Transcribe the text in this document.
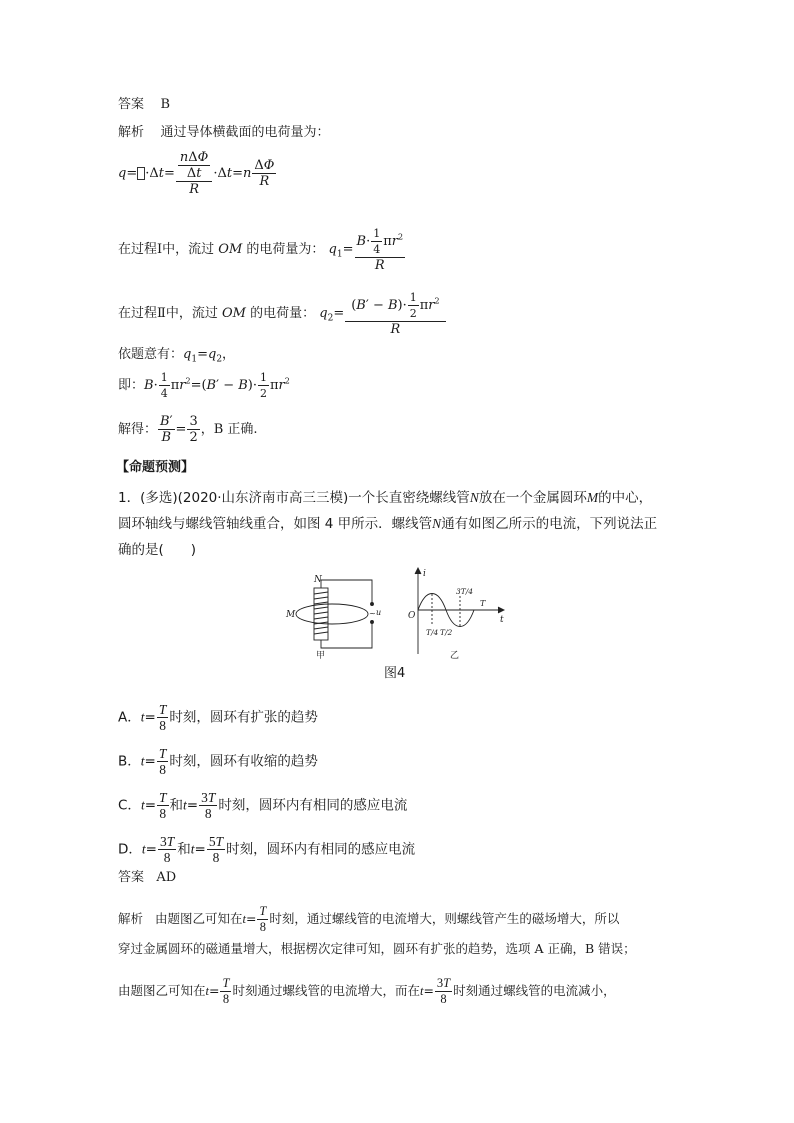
答案 B
解析 通过导体横截面的电荷量为：
$q= \cdot\Delta t= \frac{\frac{\text{nΔΦ}}{\Delta t}}{R} \cdot\Delta t=n \frac{\Delta\Phi}{R}$
在过程Ⅰ中，流过 OM 的电荷量为： $q_1= \frac{B\cdot \frac{1}{4} \pi r^2}{R}$
在过程Ⅱ中，流过 OM 的电荷量： $q_2= \frac{(B' - B)\cdot \frac{1}{2} \pi r^2}{R}$
依题意有：$q_1=q_2$，
即：$B\cdot \frac{1}{4} \pi r^2=(B' - B)\cdot \frac{1}{2} \pi r^2$
解得： $\frac{B'}{B} = \frac{3}{2}$ ，B 正确.
【命题预测】
1．(多选)(2020·山东济南市高三三模)一个长直密绕螺线管N放在一个金属圆环M的中心，
圆环轴线与螺线管轴线重合，如图 4 甲所示．螺线管N通有如图乙所示的电流，下列说法正
确的是(　　)
N
~ u
M
i
t
O
T/4 T/2
3T/4
T
甲	乙
图4
A．$t= \frac{T}{8}$ 时刻，圆环有扩张的趋势
B．$t= \frac{T}{8}$ 时刻，圆环有收缩的趋势
C．$t= \frac{T}{8}$ 和$t= \frac{3T}{8}$ 时刻，圆环内有相同的感应电流
D．$t= \frac{3T}{8}$ 和$t= \frac{5T}{8}$ 时刻，圆环内有相同的感应电流
答案 AD
解析 由题图乙可知在$t= \frac{T}{8}$ 时刻，通过螺线管的电流增大，则螺线管产生的磁场增大，所以
穿过金属圆环的磁通量增大，根据楞次定律可知，圆环有扩张的趋势，选项 A 正确，B 错误；
由题图乙可知在$t= \frac{T}{8}$ 时刻通过螺线管的电流增大，而在$t= \frac{3T}{8}$ 时刻通过螺线管的电流减小，
